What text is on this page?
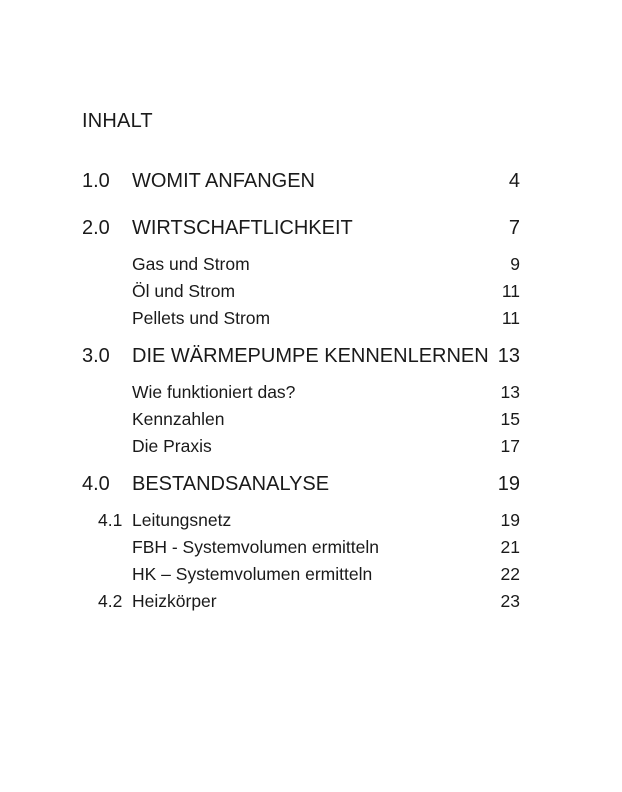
INHALT
1.0 WOMIT ANFANGEN	4
2.0 WIRTSCHAFTLICHKEIT	7
Gas und Strom	9
Öl und Strom	11
Pellets und Strom	11
3.0 DIE WÄRMEPUMPE KENNENLERNEN 13
Wie funktioniert das?	13
Kennzahlen	15
Die Praxis	17
4.0 BESTANDSANALYSE	19
4.1 Leitungsnetz	19
FBH - Systemvolumen ermitteln	21
HK – Systemvolumen ermitteln	22
4.2 Heizkörper	23
